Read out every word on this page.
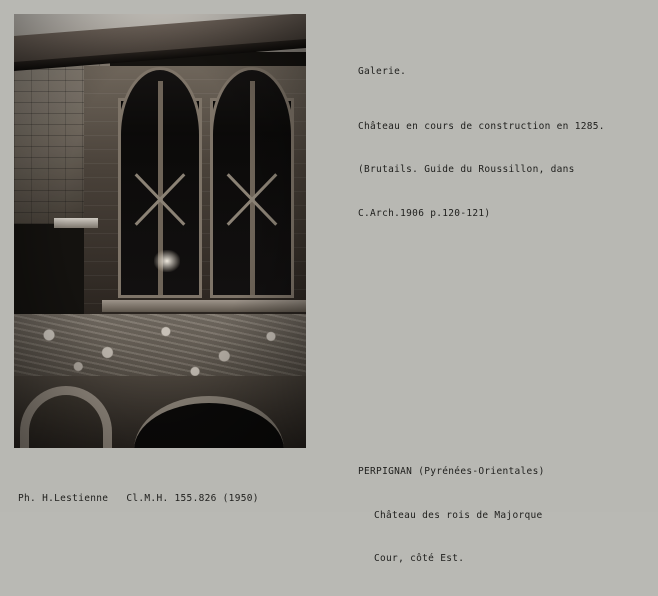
Galerie.

Château en cours de construction en 1285.

(Brutails. Guide du Roussillon, dans

C.Arch.1906 p.120-121)

PERPIGNAN (Pyrénées-Orientales)

Château des rois de Majorque

Cour, côté Est.

Ph. H.Lestienne   Cl.M.H. 155.826 (1950)
